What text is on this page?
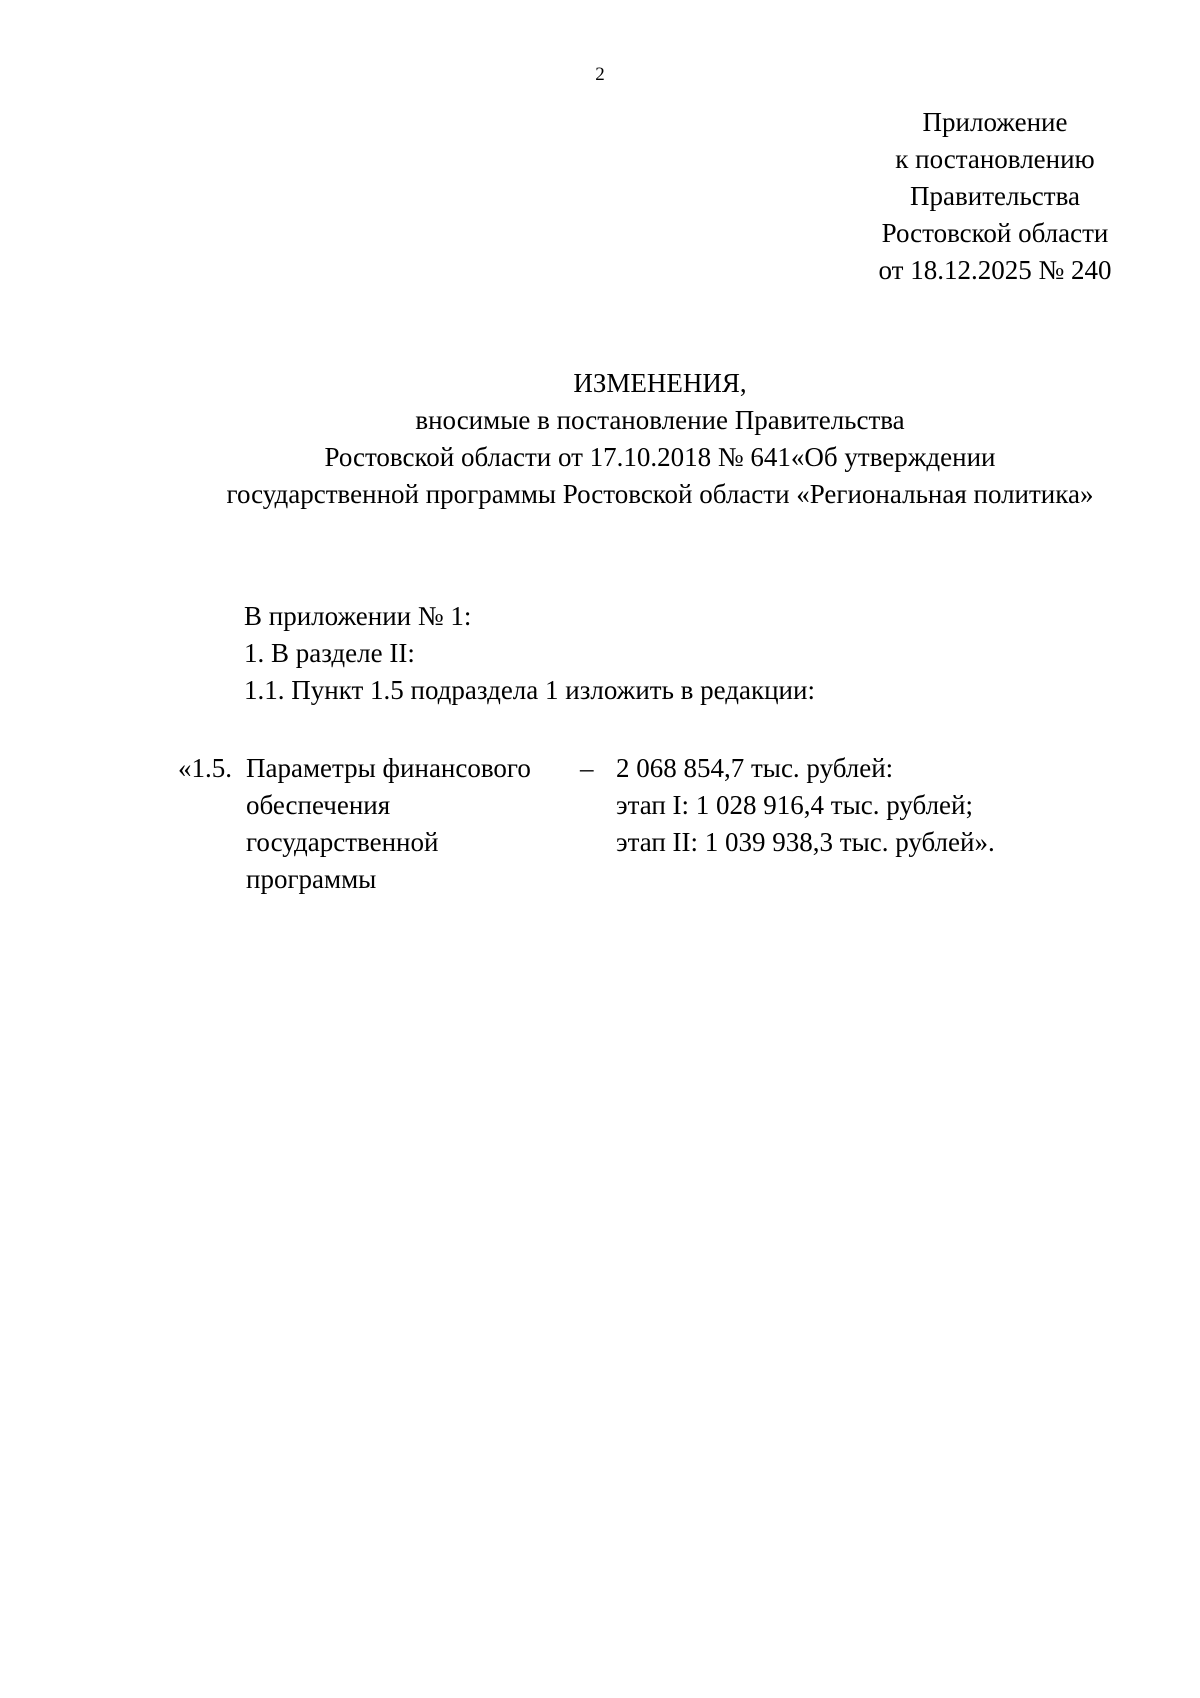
2
Приложение
к постановлению
Правительства
Ростовской области
от 18.12.2025 № 240
ИЗМЕНЕНИЯ,
вносимые в постановление Правительства
Ростовской области от 17.10.2018 № 641«Об утверждении
государственной программы Ростовской области «Региональная политика»
В приложении № 1:
1. В разделе II:
1.1. Пункт 1.5 подраздела 1 изложить в редакции:
«1.5. Параметры финансового
обеспечения
государственной
программы
– 2 068 854,7 тыс. рублей:
этап I: 1 028 916,4 тыс. рублей;
этап II: 1 039 938,3 тыс. рублей».
